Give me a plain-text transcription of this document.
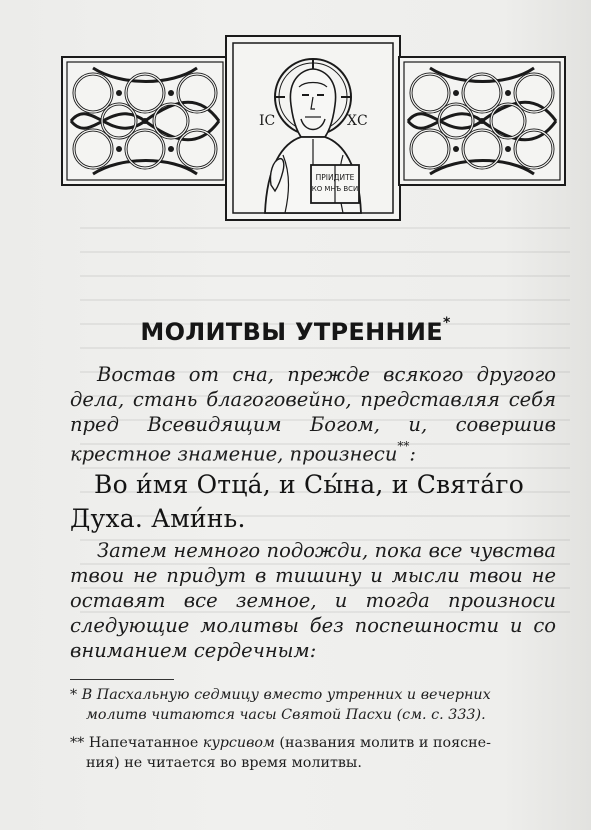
ПРІИДИТЕ
КО МНѢ ВСИ
ІС	ХС
МОЛИТВЫ УТРЕННИЕ*

Востав от сна, прежде всякого другого дела, стань благоговейно, представляя себя пред Всевидящим Богом, и, совершив крестное знамение, произнеси**:

Во и́мя Отца́, и Сы́на, и Свята́го
Духа. Ами́нь.

Затем немного подожди, пока все чувства твои не придут в тишину и мысли твои не оставят все земное, и тогда произноси следующие молитвы без поспешности и со вниманием сердечным:

* В Пасхальную седмицу вместо утренних и вечерних
молитв читаются часы Святой Пасхи (см. с. 333).

** Напечатанное курсивом (названия молитв и поясне-
ния) не читается во время молитвы.
